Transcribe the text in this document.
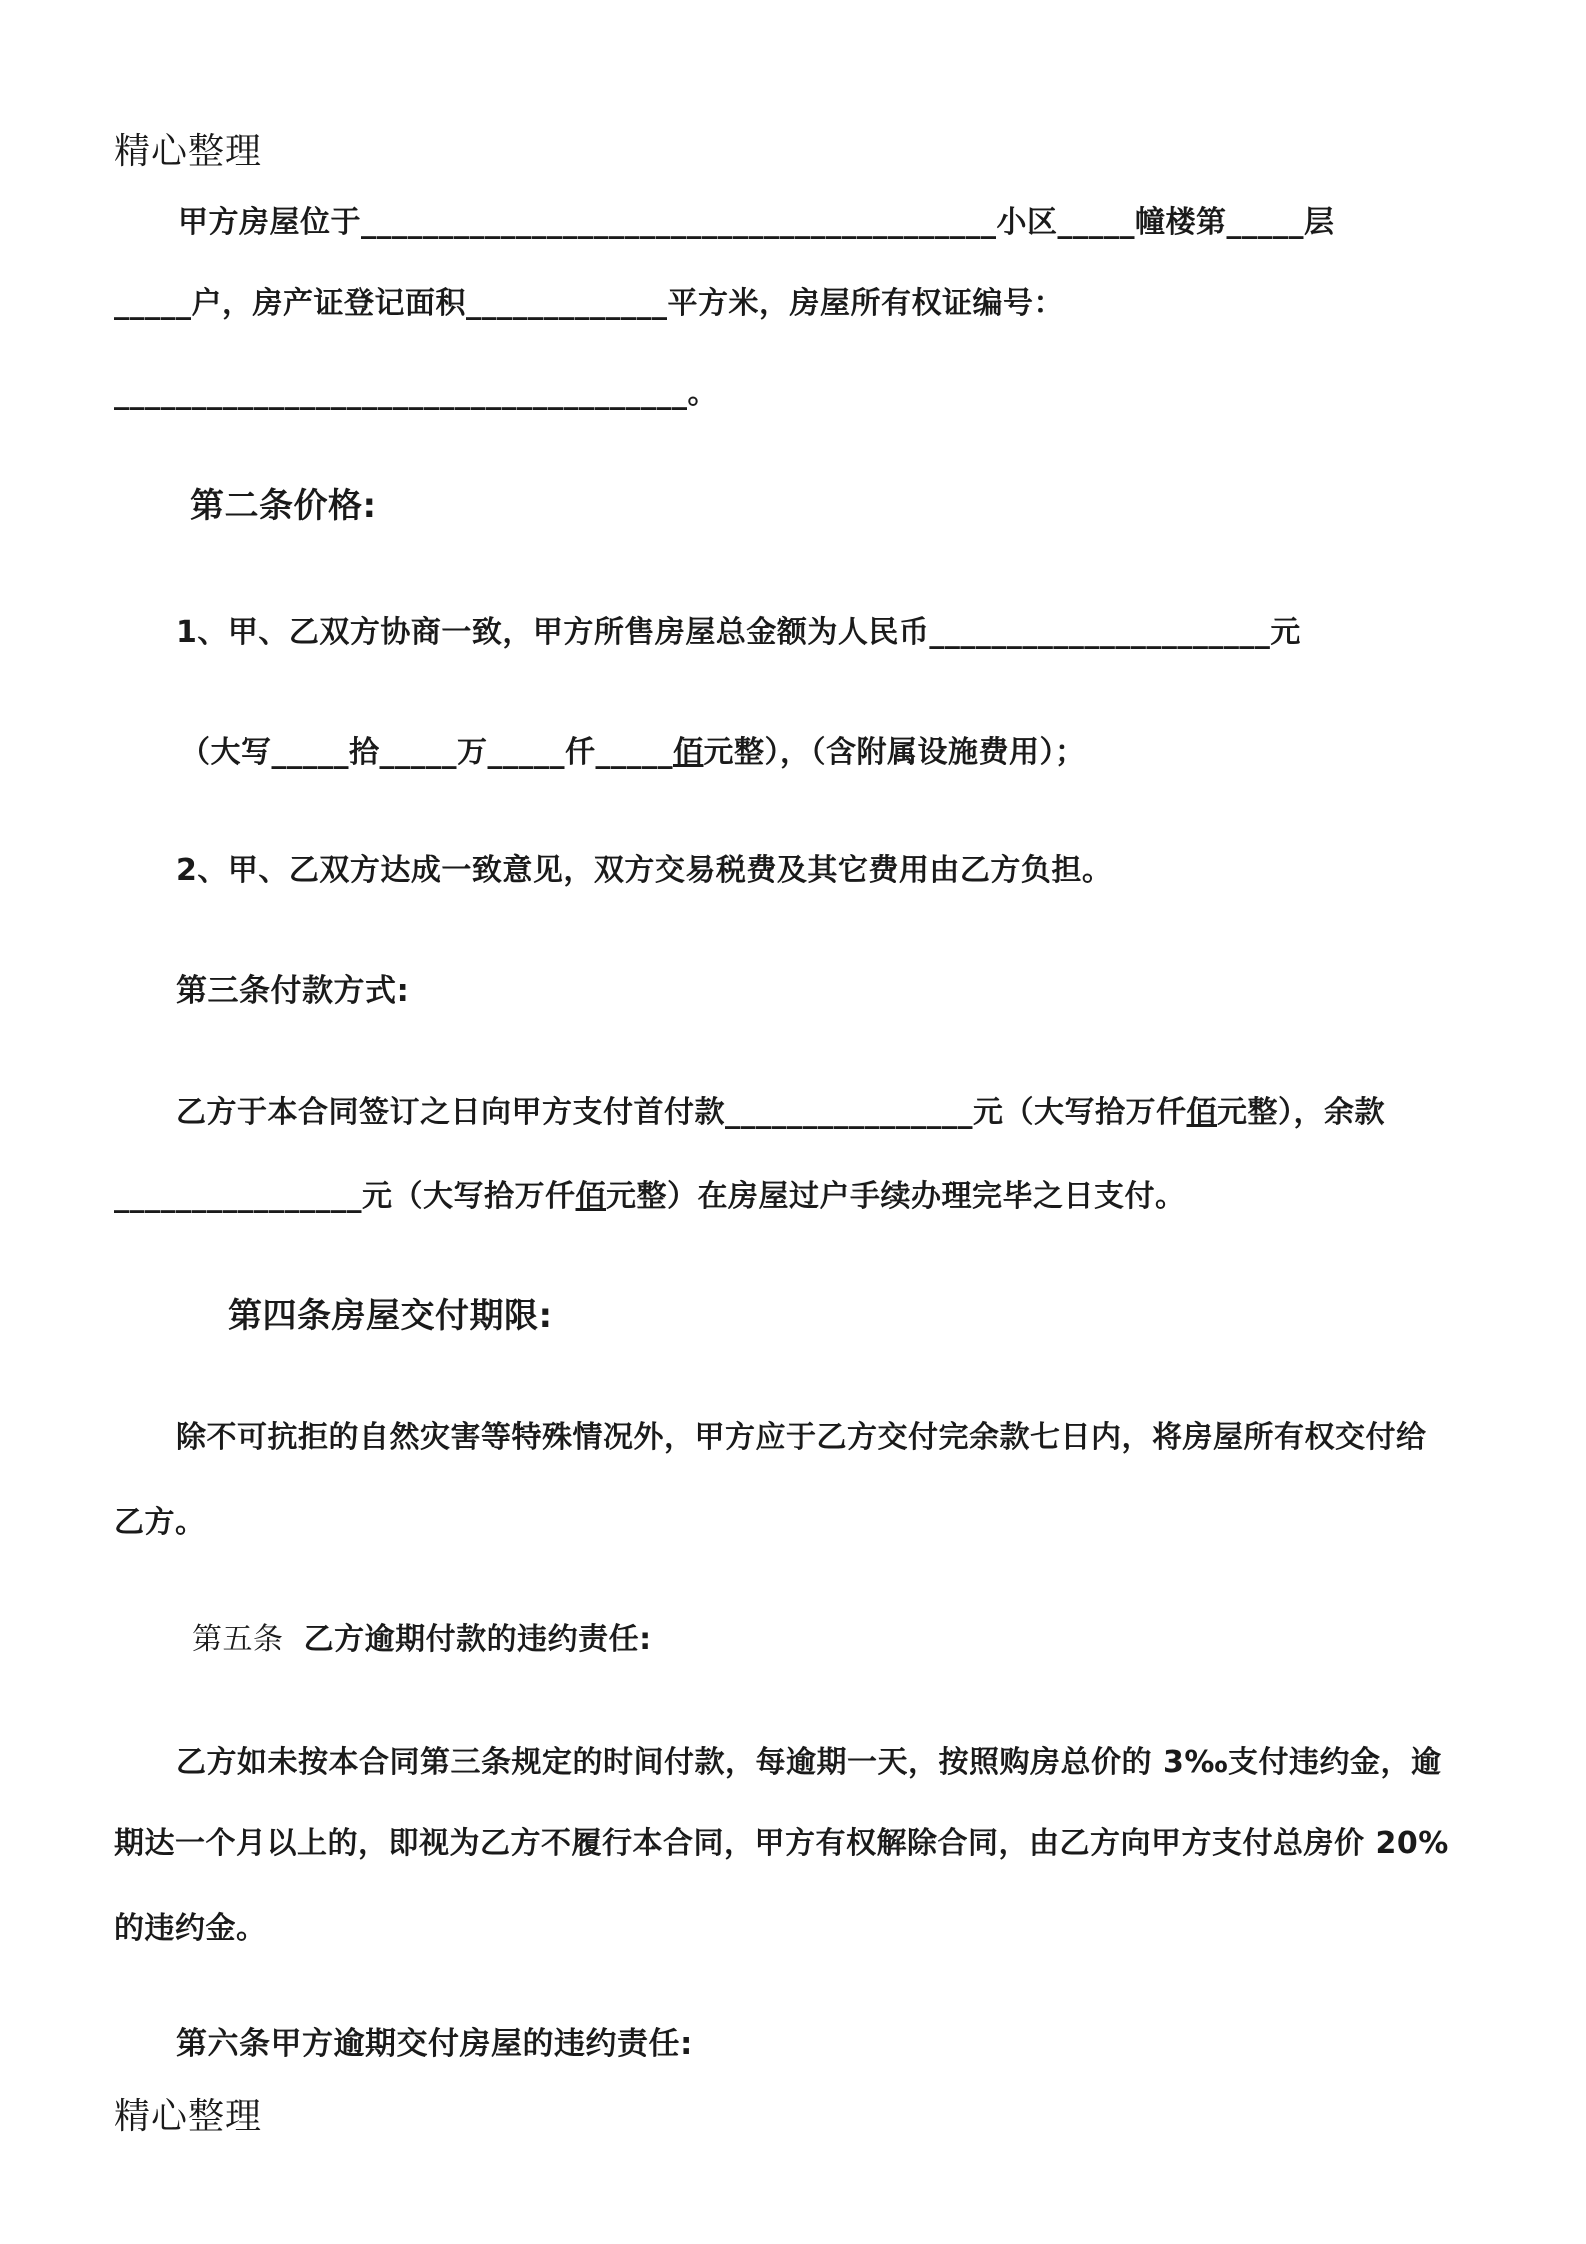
精心整理
甲方房屋位于_________________________________________小区_____幢楼第_____层
_____户，房产证登记面积_____________平方米，房屋所有权证编号：
_____________________________________。
第二条价格:
1、甲、乙双方协商一致，甲方所售房屋总金额为人民币______________________元
（大写_____拾_____万_____仟_____佰元整），（含附属设施费用）；
2、甲、乙双方达成一致意见，双方交易税费及其它费用由乙方负担。
第三条付款方式:
乙方于本合同签订之日向甲方支付首付款________________元（大写拾万仟佰元整），余款
________________元（大写拾万仟佰元整）在房屋过户手续办理完毕之日支付。
第四条房屋交付期限:
除不可抗拒的自然灾害等特殊情况外，甲方应于乙方交付完余款七日内，将房屋所有权交付给
乙方。
第五条 乙方逾期付款的违约责任:
乙方如未按本合同第三条规定的时间付款，每逾期一天，按照购房总价的 3‰支付违约金，逾
期达一个月以上的，即视为乙方不履行本合同，甲方有权解除合同，由乙方向甲方支付总房价 20%
的违约金。
第六条甲方逾期交付房屋的违约责任:
精心整理
